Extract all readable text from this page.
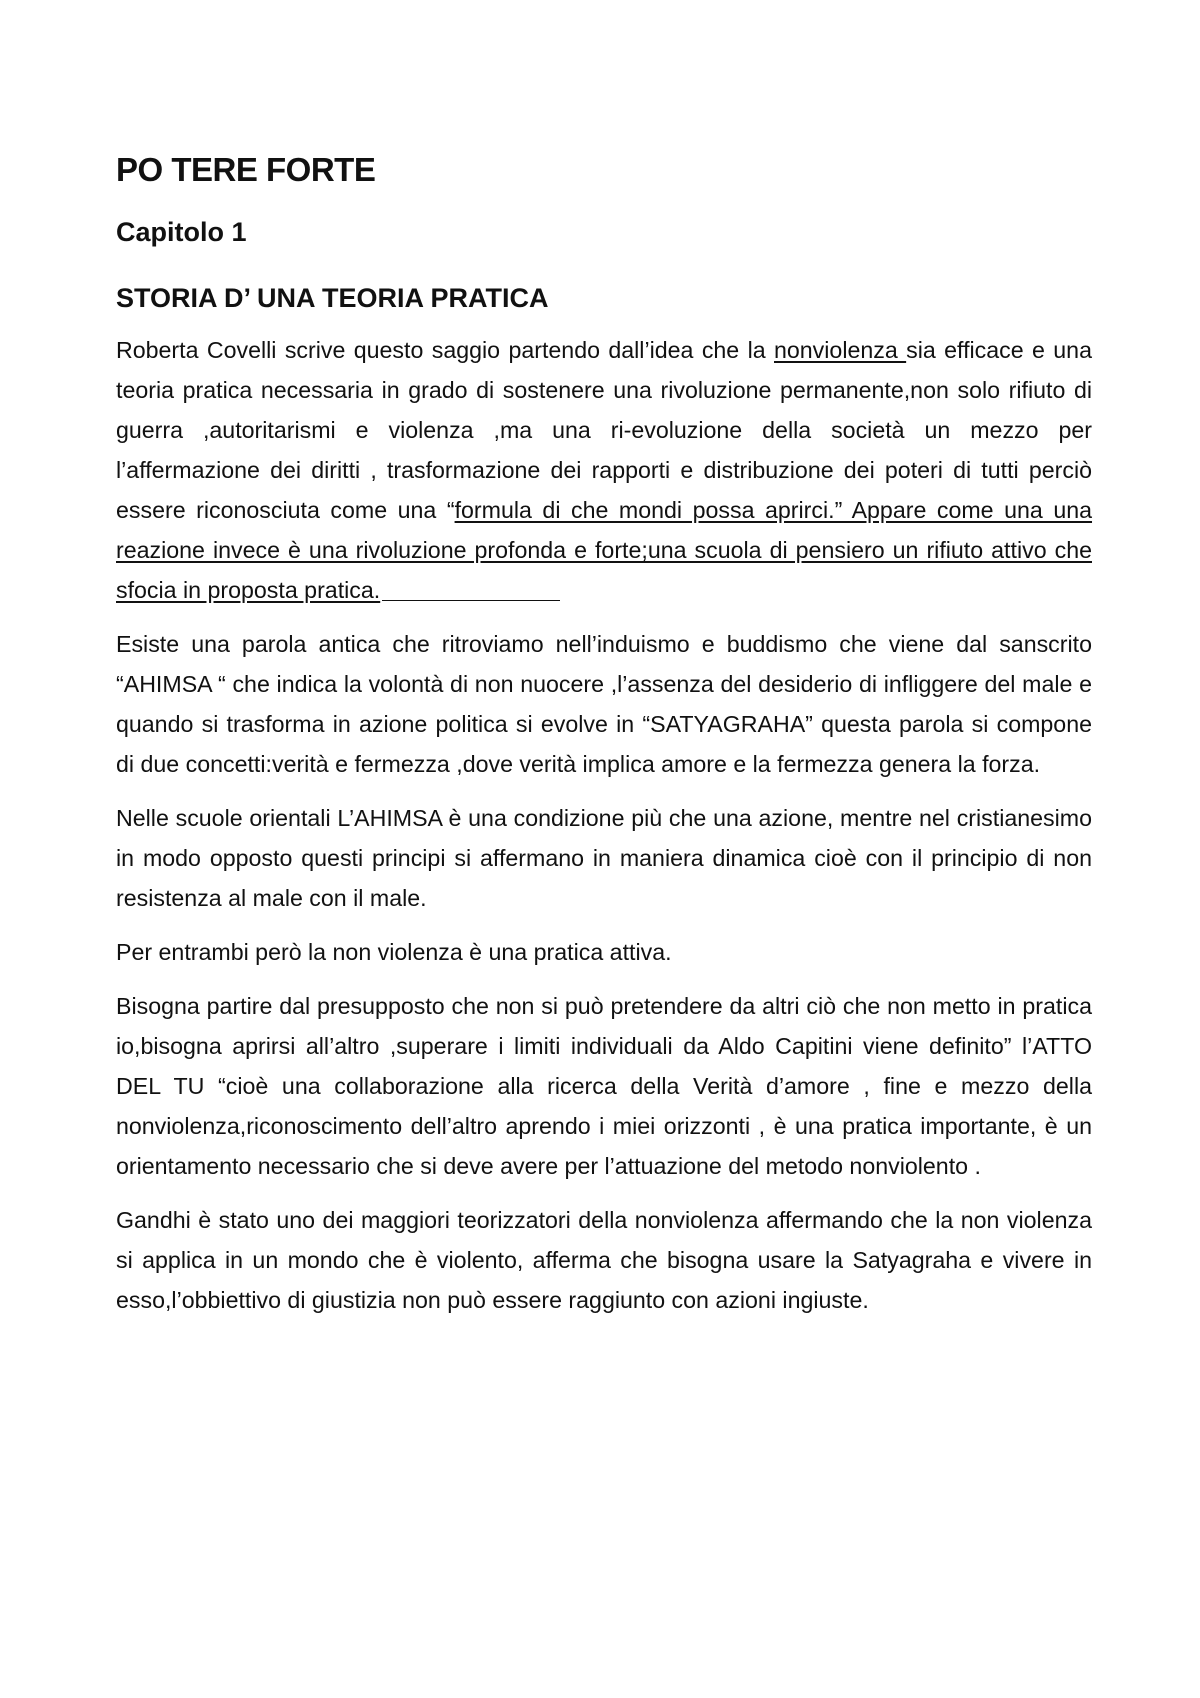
PO TERE FORTE
Capitolo 1
STORIA D’ UNA TEORIA PRATICA

Roberta Covelli scrive questo saggio partendo dall’idea che la nonviolenza sia efficace e una teoria pratica necessaria in grado di sostenere una rivoluzione permanente,non solo rifiuto di guerra ,autoritarismi e violenza ,ma una ri-evoluzione della società un mezzo per l’affermazione dei diritti , trasformazione dei rapporti e distribuzione dei poteri di tutti perciò essere riconosciuta come una “formula di che mondi possa aprirci.” Appare come una una reazione invece è una rivoluzione profonda e forte;una scuola di pensiero un rifiuto attivo che sfocia in proposta pratica.

Esiste una parola antica che ritroviamo nell’induismo e buddismo che viene dal sanscrito “AHIMSA “ che indica la volontà di non nuocere ,l’assenza del desiderio di infliggere del male e quando si trasforma in azione politica si evolve in “SATYAGRAHA” questa parola si compone di due concetti:verità e fermezza ,dove verità implica amore e la fermezza genera la forza.

Nelle scuole orientali L’AHIMSA è una condizione più che una azione, mentre nel cristianesimo in modo opposto questi principi si affermano in maniera dinamica cioè con il principio di non resistenza al male con il male.

Per entrambi però la non violenza è una pratica attiva.

Bisogna partire dal presupposto che non si può pretendere da altri ciò che non metto in pratica io,bisogna aprirsi all’altro ,superare i limiti individuali da Aldo Capitini viene definito” l’ATTO DEL TU “cioè una collaborazione alla ricerca della Verità d’amore , fine e mezzo della nonviolenza,riconoscimento dell’altro aprendo i miei orizzonti , è una pratica importante, è un orientamento necessario che si deve avere per l’attuazione del metodo nonviolento .

Gandhi è stato uno dei maggiori teorizzatori della nonviolenza affermando che la non violenza si applica in un mondo che è violento, afferma che bisogna usare la Satyagraha e vivere in esso,l’obbiettivo di giustizia non può essere raggiunto con azioni ingiuste.
